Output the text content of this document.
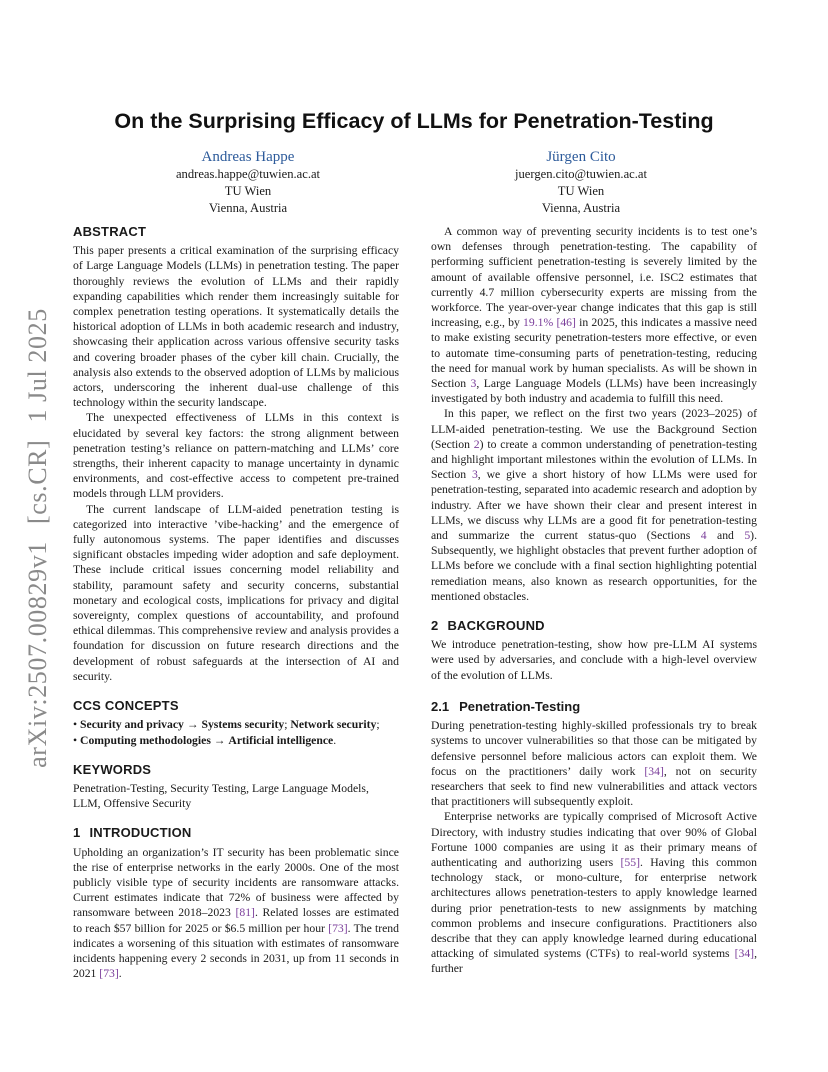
arXiv:2507.00829v1 [cs.CR] 1 Jul 2025
On the Surprising Efficacy of LLMs for Penetration-Testing
Andreas Happe
andreas.happe@tuwien.ac.at
TU Wien
Vienna, Austria
Jürgen Cito
juergen.cito@tuwien.ac.at
TU Wien
Vienna, Austria
ABSTRACT

This paper presents a critical examination of the surprising efficacy of Large Language Models (LLMs) in penetration testing. The paper thoroughly reviews the evolution of LLMs and their rapidly expanding capabilities which render them increasingly suitable for complex penetration testing operations. It systematically details the historical adoption of LLMs in both academic research and industry, showcasing their application across various offensive security tasks and covering broader phases of the cyber kill chain. Crucially, the analysis also extends to the observed adoption of LLMs by malicious actors, underscoring the inherent dual-use challenge of this technology within the security landscape.

The unexpected effectiveness of LLMs in this context is elucidated by several key factors: the strong alignment between penetration testing’s reliance on pattern-matching and LLMs’ core strengths, their inherent capacity to manage uncertainty in dynamic environments, and cost-effective access to competent pre-trained models through LLM providers.

The current landscape of LLM-aided penetration testing is categorized into interactive ’vibe-hacking’ and the emergence of fully autonomous systems. The paper identifies and discusses significant obstacles impeding wider adoption and safe deployment. These include critical issues concerning model reliability and stability, paramount safety and security concerns, substantial monetary and ecological costs, implications for privacy and digital sovereignty, complex questions of accountability, and profound ethical dilemmas. This comprehensive review and analysis provides a foundation for discussion on future research directions and the development of robust safeguards at the intersection of AI and security.

CCS CONCEPTS

• Security and privacy → Systems security; Network security;

• Computing methodologies → Artificial intelligence.

KEYWORDS

Penetration-Testing, Security Testing, Large Language Models, LLM, Offensive Security

1 INTRODUCTION

Upholding an organization’s IT security has been problematic since the rise of enterprise networks in the early 2000s. One of the most publicly visible type of security incidents are ransomware attacks. Current estimates indicate that 72% of business were affected by ransomware between 2018–2023 [81]. Related losses are estimated to reach $57 billion for 2025 or $6.5 million per hour [73]. The trend indicates a worsening of this situation with estimates of ransomware incidents happening every 2 seconds in 2031, up from 11 seconds in 2021 [73].

A common way of preventing security incidents is to test one’s own defenses through penetration-testing. The capability of performing sufficient penetration-testing is severely limited by the amount of available offensive personnel, i.e. ISC2 estimates that currently 4.7 million cybersecurity experts are missing from the workforce. The year-over-year change indicates that this gap is still increasing, e.g., by 19.1% [46] in 2025, this indicates a massive need to make existing security penetration-testers more effective, or even to automate time-consuming parts of penetration-testing, reducing the need for manual work by human specialists. As will be shown in Section 3, Large Language Models (LLMs) have been increasingly investigated by both industry and academia to fulfill this need.

In this paper, we reflect on the first two years (2023–2025) of LLM-aided penetration-testing. We use the Background Section (Section 2) to create a common understanding of penetration-testing and highlight important milestones within the evolution of LLMs. In Section 3, we give a short history of how LLMs were used for penetration-testing, separated into academic research and adoption by industry. After we have shown their clear and present interest in LLMs, we discuss why LLMs are a good fit for penetration-testing and summarize the current status-quo (Sections 4 and 5). Subsequently, we highlight obstacles that prevent further adoption of LLMs before we conclude with a final section highlighting potential remediation means, also known as research opportunities, for the mentioned obstacles.

2 BACKGROUND

We introduce penetration-testing, show how pre-LLM AI systems were used by adversaries, and conclude with a high-level overview of the evolution of LLMs.

2.1 Penetration-Testing

During penetration-testing highly-skilled professionals try to break systems to uncover vulnerabilities so that those can be mitigated by defensive personnel before malicious actors can exploit them. We focus on the practitioners’ daily work [34], not on security researchers that seek to find new vulnerabilities and attack vectors that practitioners will subsequently exploit.

Enterprise networks are typically comprised of Microsoft Active Directory, with industry studies indicating that over 90% of Global Fortune 1000 companies are using it as their primary means of authenticating and authorizing users [55]. Having this common technology stack, or mono-culture, for enterprise network architectures allows penetration-testers to apply knowledge learned during prior penetration-tests to new assignments by matching common problems and insecure configurations. Practitioners also describe that they can apply knowledge learned during educational attacking of simulated systems (CTFs) to real-world systems [34], further
